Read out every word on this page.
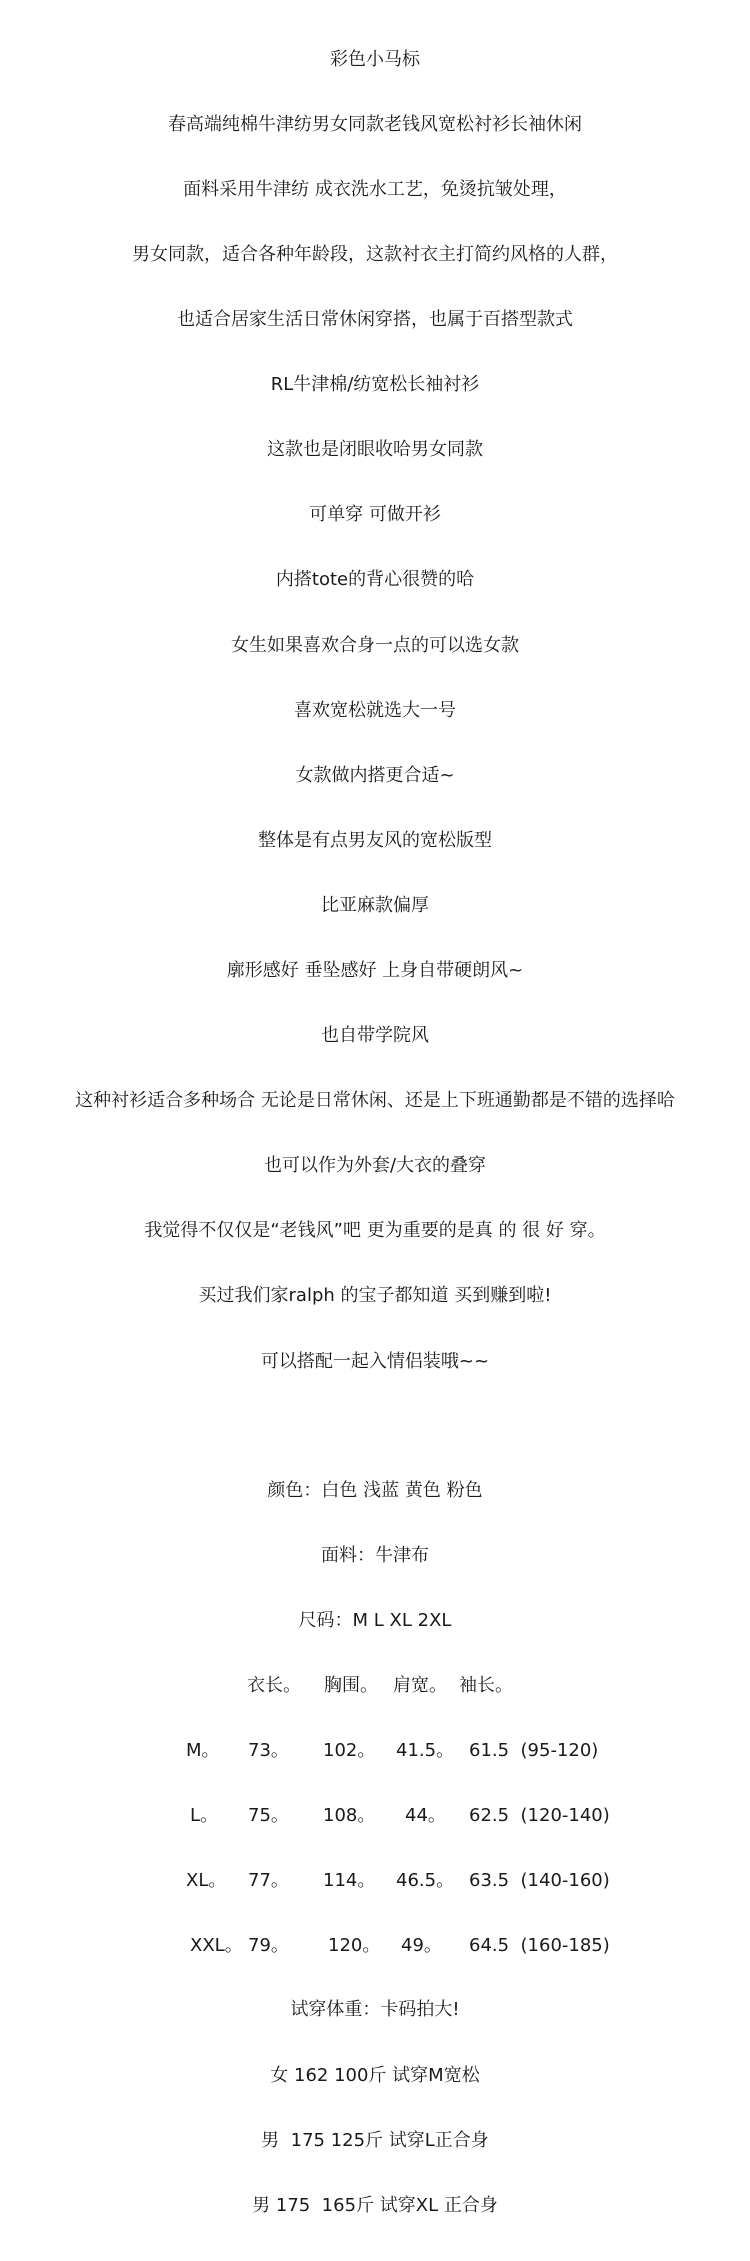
彩色小马标
春高端纯棉牛津纺男女同款老钱风宽松衬衫长袖休闲
面料采用牛津纺 成衣洗水工艺，免烫抗皱处理，
男女同款，适合各种年龄段，这款衬衣主打简约风格的人群，
也适合居家生活日常休闲穿搭，也属于百搭型款式
RL牛津棉/纺宽松长袖衬衫
这款也是闭眼收哈男女同款
可单穿 可做开衫
内搭tote的背心很赞的哈
女生如果喜欢合身一点的可以选女款
喜欢宽松就选大一号
女款做内搭更合适~
整体是有点男友风的宽松版型
比亚麻款偏厚
廓形感好 垂坠感好 上身自带硬朗风~
也自带学院风
这种衬衫适合多种场合 无论是日常休闲、还是上下班通勤都是不错的选择哈
也可以作为外套/大衣的叠穿
我觉得不仅仅是“老钱风”吧 更为重要的是真 的 很 好 穿。
买过我们家ralph 的宝子都知道 买到赚到啦!
可以搭配一起入情侣装哦~~
颜色：白色 浅蓝 黄色 粉色
面料：牛津布
尺码：M L XL 2XL
衣长。 胸围。 肩宽。 袖长。
M。 73。 102。 41.5。 61.5  (95-120)
L。 75。 108。 44。 62.5  (120-140)
XL。 77。 114。 46.5。 63.5  (140-160)
XXL。 79。 120。 49。 64.5  (160-185)
试穿体重：卡码拍大!
女 162 100斤 试穿M宽松
男  175 125斤 试穿L正合身
男 175  165斤 试穿XL 正合身
